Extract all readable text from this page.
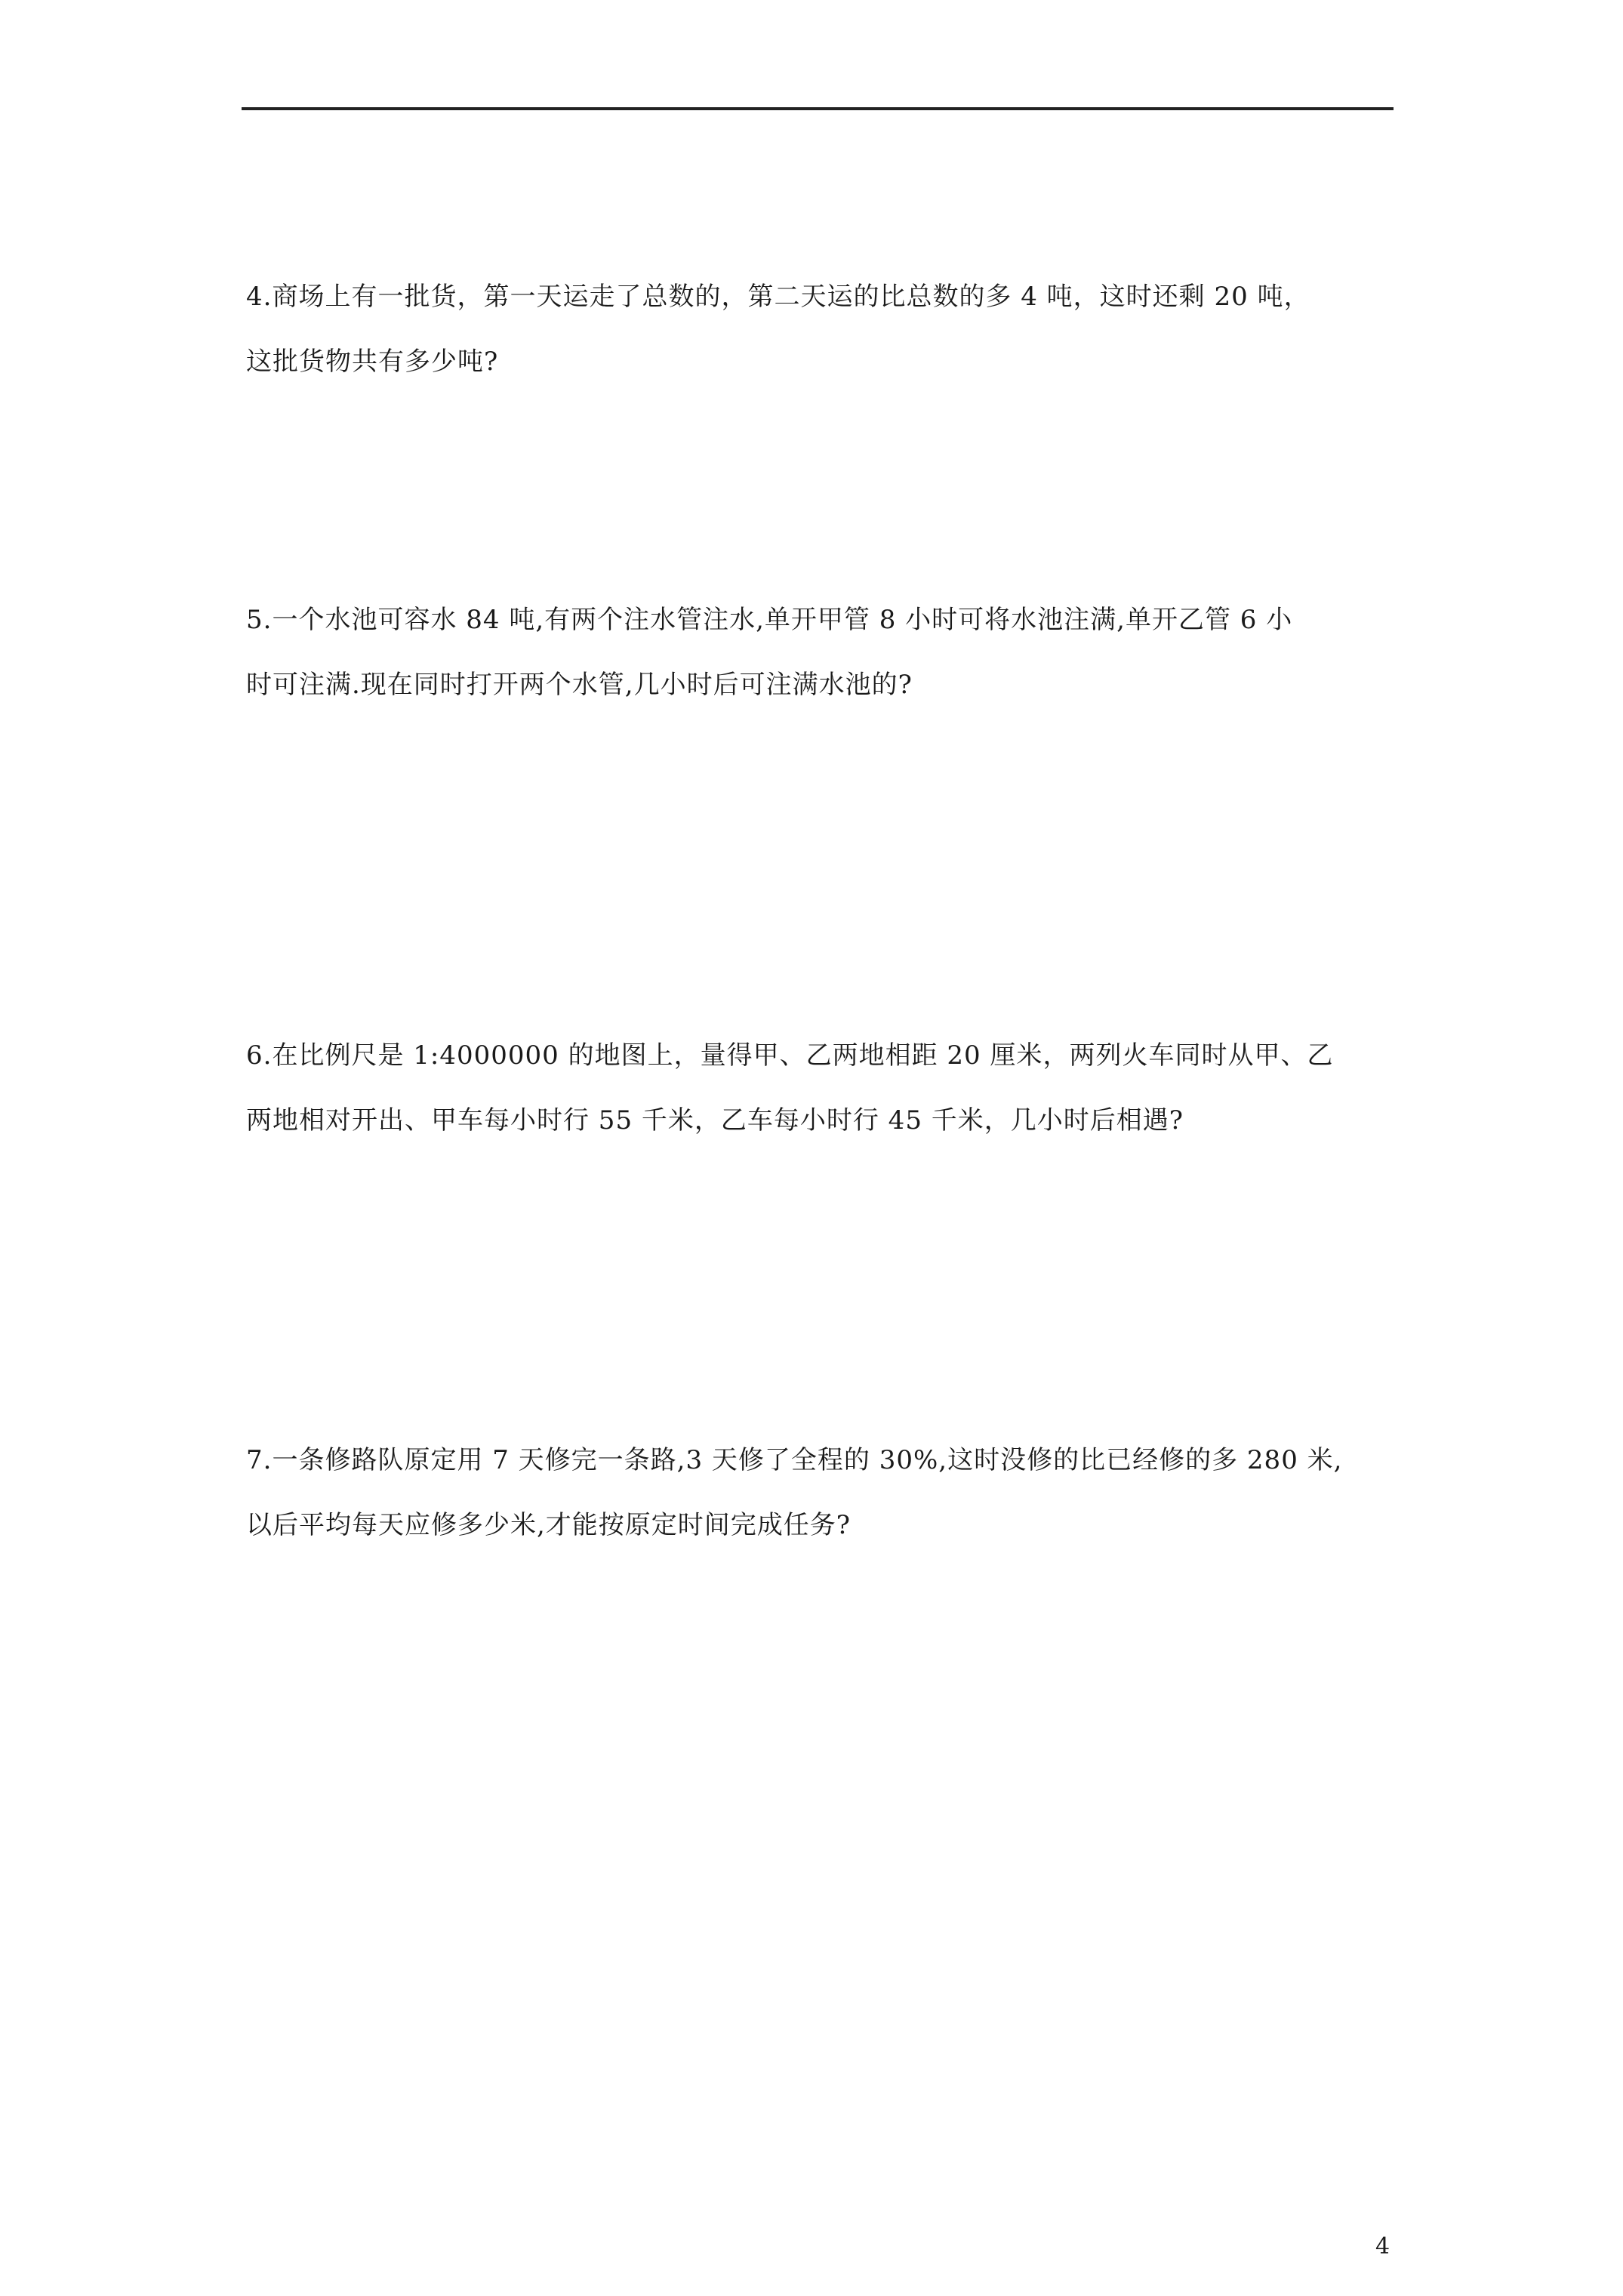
4.商场上有一批货，第一天运走了总数的，第二天运的比总数的多 4 吨，这时还剩 20 吨，
这批货物共有多少吨?
5.一个水池可容水 84 吨,有两个注水管注水,单开甲管 8 小时可将水池注满,单开乙管 6 小
时可注满.现在同时打开两个水管,几小时后可注满水池的?
6.在比例尺是 1:4000000 的地图上，量得甲、乙两地相距 20 厘米，两列火车同时从甲、乙
两地相对开出、甲车每小时行 55 千米，乙车每小时行 45 千米，几小时后相遇?
7.一条修路队原定用 7 天修完一条路,3 天修了全程的 30%,这时没修的比已经修的多 280 米,
以后平均每天应修多少米,才能按原定时间完成任务?
4
